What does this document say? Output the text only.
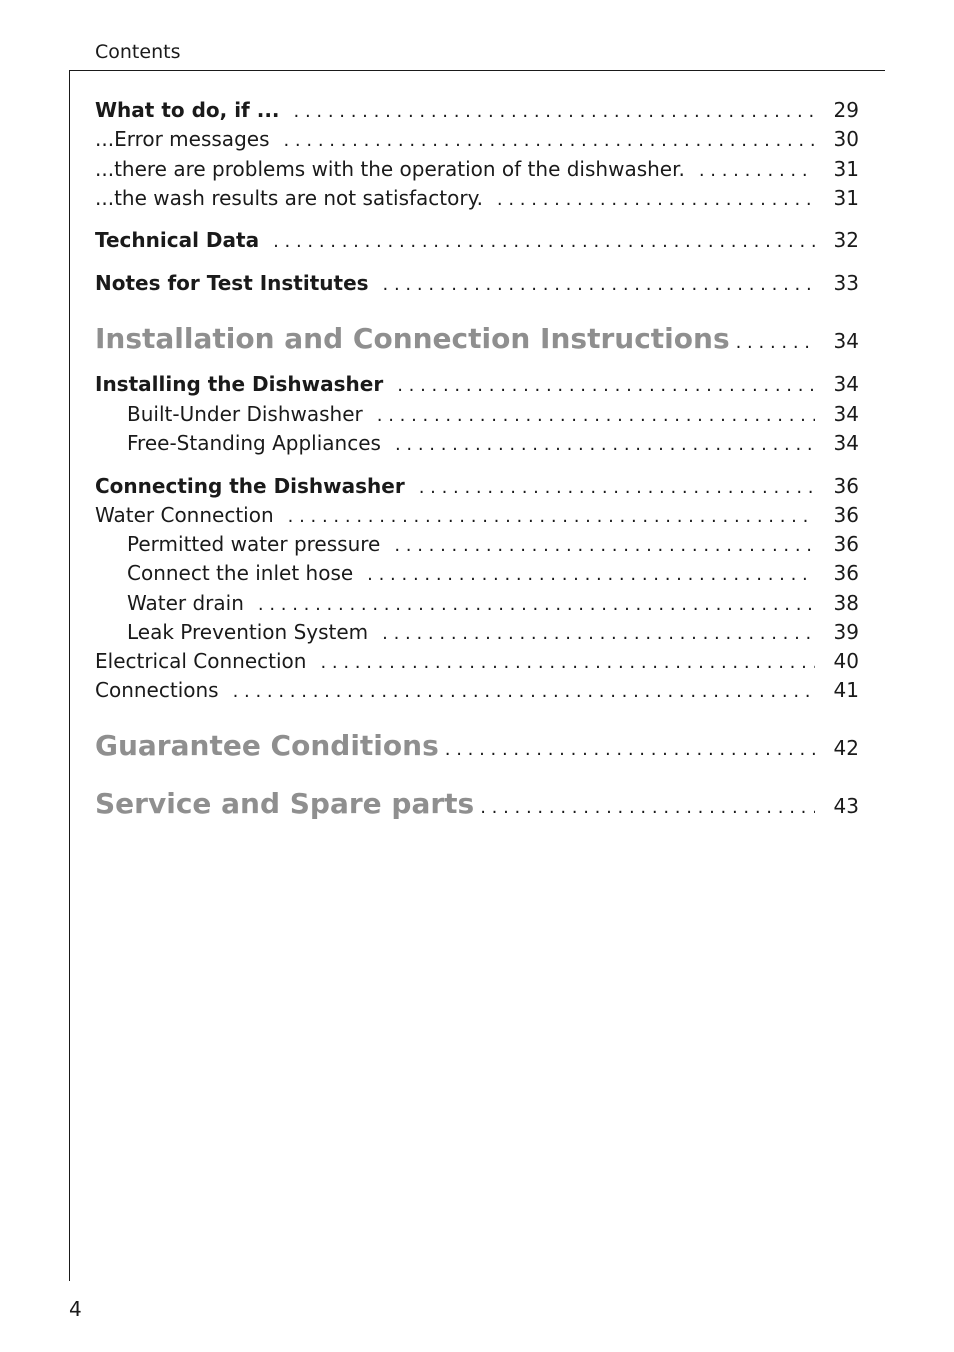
Contents
What to do, if ... . . .	29
...Error messages . . .	30
...there are problems with the operation of the dishwasher. . . .	31
...the wash results are not satisfactory. . . .	31
Technical Data . . .	32
Notes for Test Institutes . . .	33
Installation and Connection Instructions . . .	34
Installing the Dishwasher . . .	34
Built-Under Dishwasher . . .	34
Free-Standing Appliances . . .	34
Connecting the Dishwasher . . .	36
Water Connection . . .	36
Permitted water pressure . . .	36
Connect the inlet hose . . .	36
Water drain . . .	38
Leak Prevention System . . .	39
Electrical Connection . . .	40
Connections . . .	41
Guarantee Conditions . . .	42
Service and Spare parts . . .	43
4
